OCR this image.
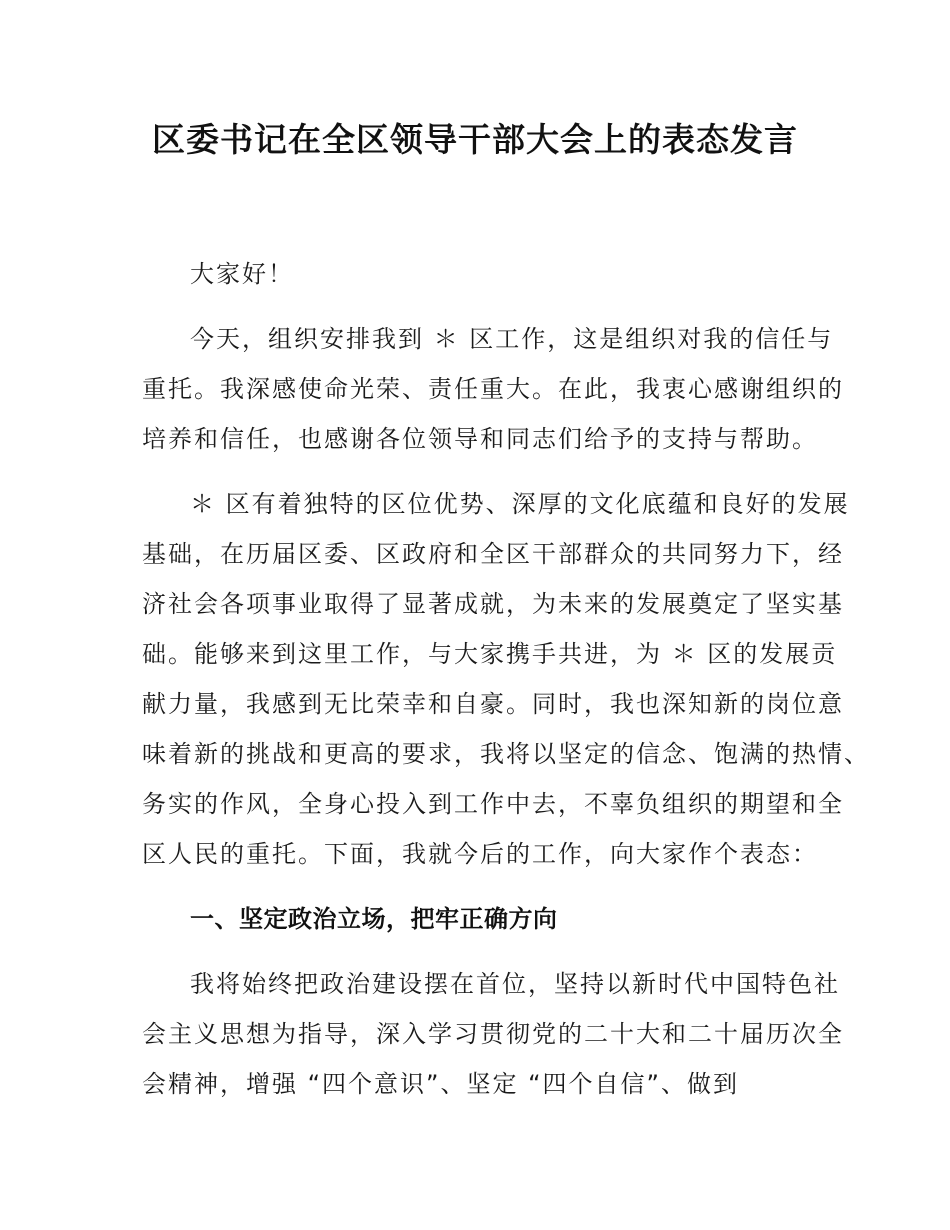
区委书记在全区领导干部大会上的表态发言
大家好！
今天，组织安排我到 ＊ 区工作，这是组织对我的信任与
重托。我深感使命光荣、责任重大。在此，我衷心感谢组织的
培养和信任，也感谢各位领导和同志们给予的支持与帮助。
＊ 区有着独特的区位优势、深厚的文化底蕴和良好的发展
基础，在历届区委、区政府和全区干部群众的共同努力下，经
济社会各项事业取得了显著成就，为未来的发展奠定了坚实基
础。能够来到这里工作，与大家携手共进，为 ＊ 区的发展贡
献力量，我感到无比荣幸和自豪。同时，我也深知新的岗位意
味着新的挑战和更高的要求，我将以坚定的信念、饱满的热情、
务实的作风，全身心投入到工作中去，不辜负组织的期望和全
区人民的重托。下面，我就今后的工作，向大家作个表态：
一、坚定政治立场，把牢正确方向
我将始终把政治建设摆在首位，坚持以新时代中国特色社
会主义思想为指导，深入学习贯彻党的二十大和二十届历次全
会精神，增强 “四个意识”、坚定 “四个自信”、做到
